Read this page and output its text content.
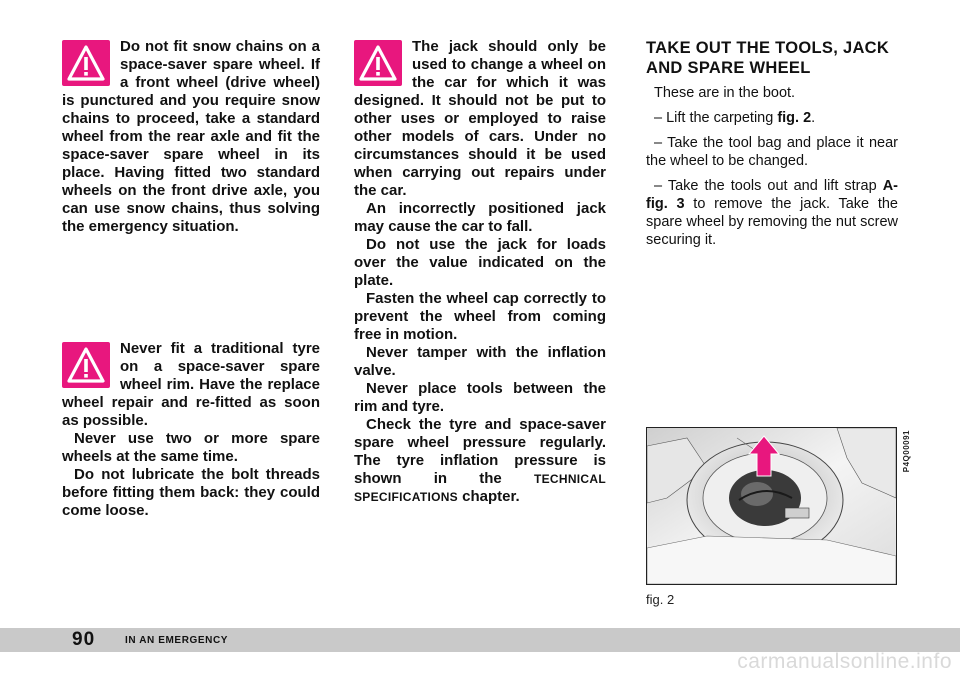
Do not fit snow chains on a space-saver spare wheel. If a front wheel (drive wheel) is punctured and you require snow chains to proceed, take a standard wheel from the rear axle and fit the space-saver spare wheel in its place. Having fitted two standard wheels on the front drive axle, you can use snow chains, thus solving the emergency situation.

Never fit a traditional tyre on a space-saver spare wheel rim. Have the replace wheel repair and re-fitted as soon as possible.

Never use two or more spare wheels at the same time.

Do not lubricate the bolt threads before fitting them back: they could come loose.

The jack should only be used to change a wheel on the car for which it was designed. It should not be put to other uses or employed to raise other models of cars. Under no circumstances should it be used when carrying out repairs under the car.

An incorrectly positioned jack may cause the car to fall.

Do not use the jack for loads over the value indicated on the plate.

Fasten the wheel cap correctly to prevent the wheel from coming free in motion.

Never tamper with the inflation valve.

Never place tools between the rim and tyre.

Check the tyre and space-saver spare wheel pressure regularly. The tyre inflation pressure is shown in the TECHNICAL SPECIFICATIONS chapter.

TAKE OUT THE TOOLS, JACK AND SPARE WHEEL

These are in the boot.

– Lift the carpeting fig. 2.

– Take the tool bag and place it near the wheel to be changed.

– Take the tools out and lift strap A-fig. 3 to remove the jack. Take the spare wheel by removing the nut screw securing it.

P4Q00091
fig. 2
90	IN AN EMERGENCY
carmanualsonline.info
